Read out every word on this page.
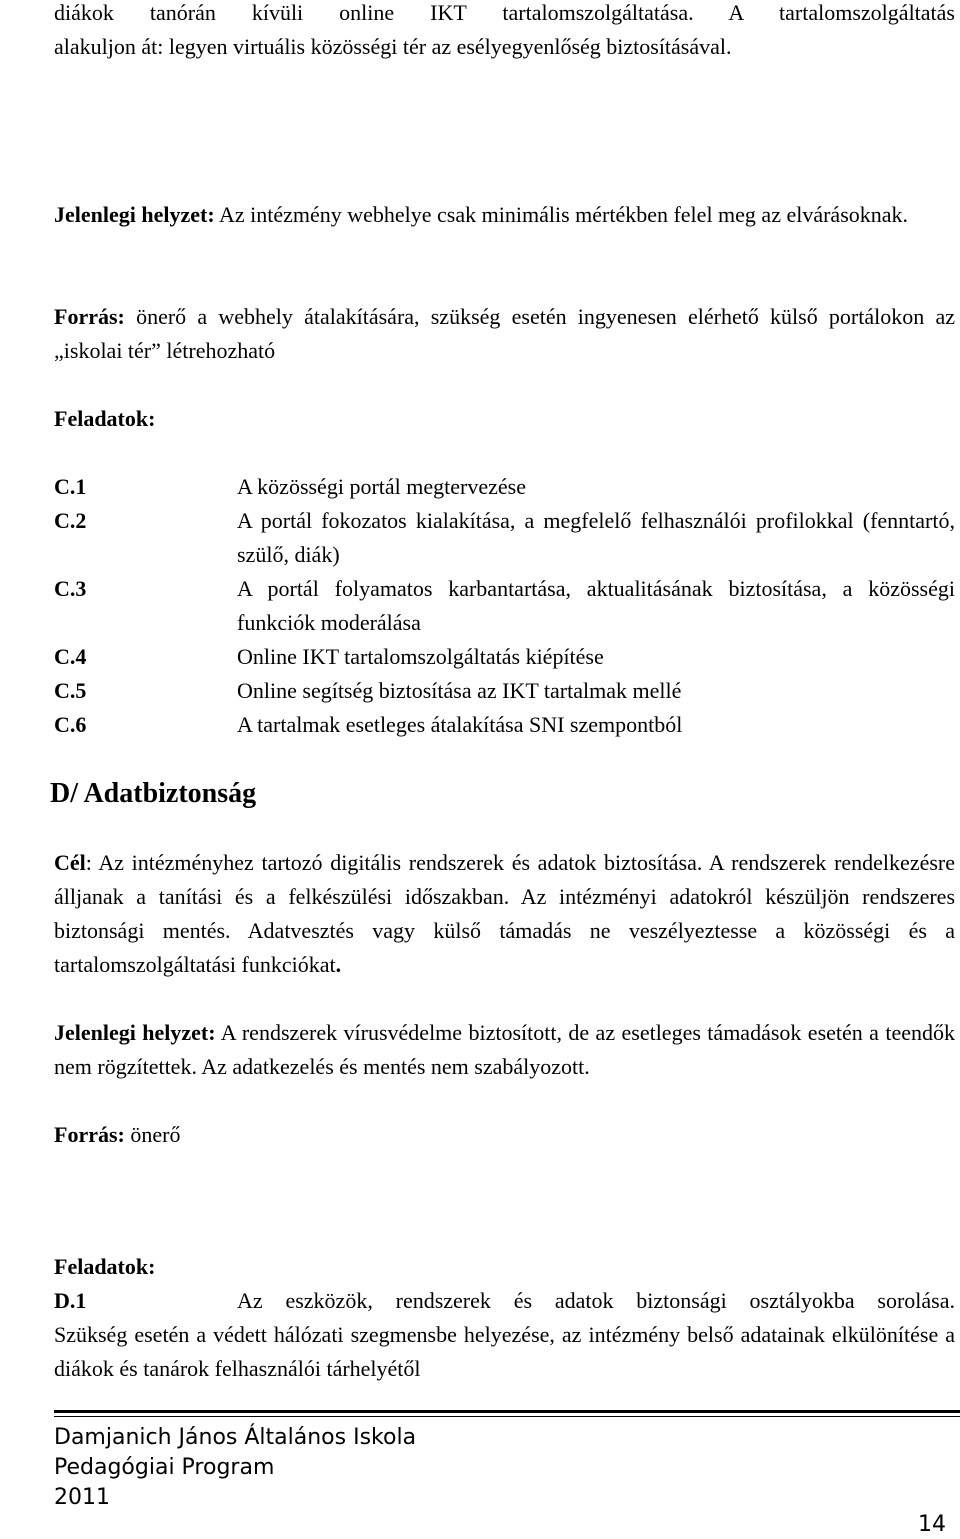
diákok tanórán kívüli online IKT tartalomszolgáltatása. A tartalomszolgáltatás
alakuljon át: legyen virtuális közösségi tér az esélyegyenlőség biztosításával.
Jelenlegi helyzet: Az intézmény webhelye csak minimális mértékben felel meg az elvárásoknak.
Forrás: önerő a webhely átalakítására, szükség esetén ingyenesen elérhető külső portálokon az „iskolai tér” létrehozható
Feladatok:
C.1	A közösségi portál megtervezése
C.2	A portál fokozatos kialakítása, a megfelelő felhasználói profilokkal (fenntartó, szülő, diák)
C.3	A portál folyamatos karbantartása, aktualitásának biztosítása, a közösségi funkciók moderálása
C.4	Online IKT tartalomszolgáltatás kiépítése
C.5	Online segítség biztosítása az IKT tartalmak mellé
C.6	A tartalmak esetleges átalakítása SNI szempontból
D/ Adatbiztonság
Cél: Az intézményhez tartozó digitális rendszerek és adatok biztosítása. A rendszerek rendelkezésre álljanak a tanítási és a felkészülési időszakban. Az intézményi adatokról készüljön rendszeres biztonsági mentés. Adatvesztés vagy külső támadás ne veszélyeztesse a közösségi és a tartalomszolgáltatási funkciókat.
Jelenlegi helyzet: A rendszerek vírusvédelme biztosított, de az esetleges támadások esetén a teendők nem rögzítettek. Az adatkezelés és mentés nem szabályozott.
Forrás: önerő
Feladatok:
D.1	Az eszközök, rendszerek és adatok biztonsági osztályokba sorolása.
Szükség esetén a védett hálózati szegmensbe helyezése, az intézmény belső adatainak elkülönítése a diákok és tanárok felhasználói tárhelyétől
Damjanich János Általános Iskola
Pedagógiai Program
2011
14
